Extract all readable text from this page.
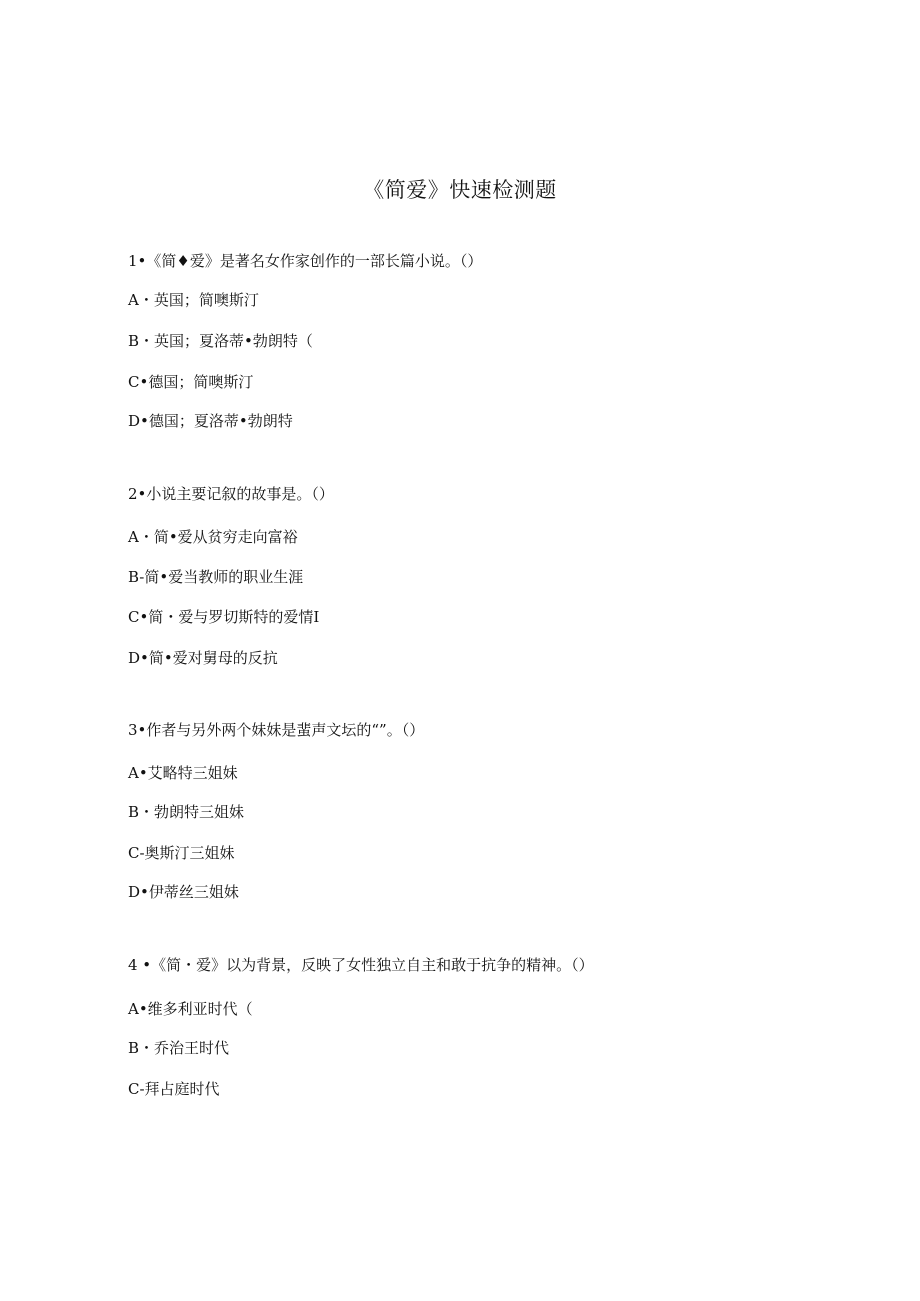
《简爱》快速检测题
1•《简♦爱》是著名女作家创作的一部长篇小说。（）
A・英国；简噢斯汀
B・英国；夏洛蒂•勃朗特（
C•德国；简噢斯汀
D•德国；夏洛蒂•勃朗特
2•小说主要记叙的故事是。（）
A・简•爱从贫穷走向富裕
B-简•爱当教师的职业生涯
C•简・爱与罗切斯特的爱情I
D•简•爱对舅母的反抗
3•作者与另外两个妹妹是蜚声文坛的“”。（）
A•艾略特三姐妹
B・勃朗特三姐妹
C-奥斯汀三姐妹
D•伊蒂丝三姐妹
4 •《简・爱》以为背景，反映了女性独立自主和敢于抗争的精神。（）
A•维多利亚时代（
B・乔治王时代
C-拜占庭时代
